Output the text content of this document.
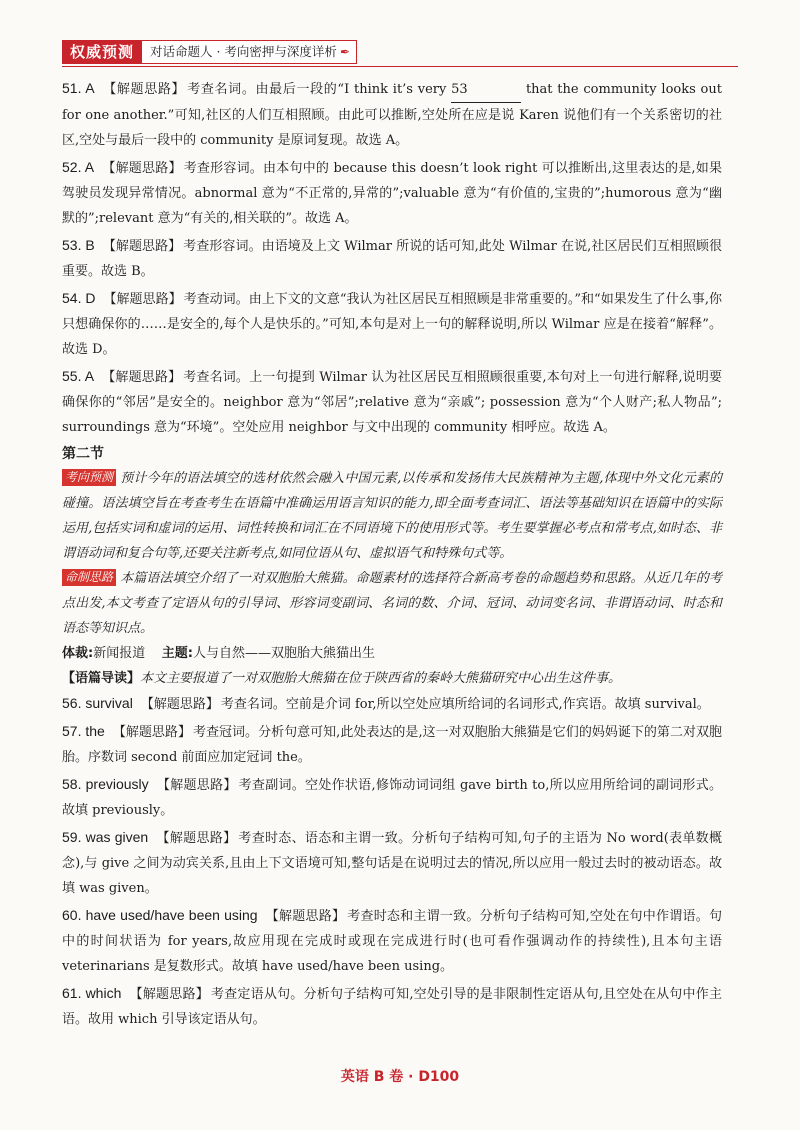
权威预测	对话命题人 · 考向密押与深度详析 ✒

51. A 【解题思路】 考查名词。由最后一段的“I think it’s very 53	that the community looks out for one another.”可知,社区的人们互相照顾。由此可以推断,空处所在应是说 Karen 说他们有一个关系密切的社区,空处与最后一段中的 community 是原词复现。故选 A。

52. A 【解题思路】 考查形容词。由本句中的 because this doesn’t look right 可以推断出,这里表达的是,如果驾驶员发现异常情况。abnormal 意为“不正常的,异常的”;valuable 意为“有价值的,宝贵的”;humorous 意为“幽默的”;relevant 意为“有关的,相关联的”。故选 A。

53. B 【解题思路】 考查形容词。由语境及上文 Wilmar 所说的话可知,此处 Wilmar 在说,社区居民们互相照顾很重要。故选 B。

54. D 【解题思路】 考查动词。由上下文的文意“我认为社区居民互相照顾是非常重要的。”和“如果发生了什么事,你只想确保你的……是安全的,每个人是快乐的。”可知,本句是对上一句的解释说明,所以 Wilmar 应是在接着“解释”。故选 D。

55. A 【解题思路】 考查名词。上一句提到 Wilmar 认为社区居民互相照顾很重要,本句对上一句进行解释,说明要确保你的“邻居”是安全的。neighbor 意为“邻居”;relative 意为“亲戚”; possession 意为“个人财产;私人物品”; surroundings 意为“环境”。空处应用 neighbor 与文中出现的 community 相呼应。故选 A。

第二节

考向预测 预计今年的语法填空的选材依然会融入中国元素,以传承和发扬伟大民族精神为主题,体现中外文化元素的碰撞。语法填空旨在考查考生在语篇中准确运用语言知识的能力,即全面考查词汇、语法等基础知识在语篇中的实际运用,包括实词和虚词的运用、词性转换和词汇在不同语境下的使用形式等。考生要掌握必考点和常考点,如时态、非谓语动词和复合句等,还要关注新考点,如同位语从句、虚拟语气和特殊句式等。

命制思路 本篇语法填空介绍了一对双胞胎大熊猫。命题素材的选择符合新高考卷的命题趋势和思路。从近几年的考点出发,本文考查了定语从句的引导词、形容词变副词、名词的数、介词、冠词、动词变名词、非谓语动词、时态和语态等知识点。

体裁:新闻报道 主题:人与自然——双胞胎大熊猫出生

【语篇导读】本文主要报道了一对双胞胎大熊猫在位于陕西省的秦岭大熊猫研究中心出生这件事。

56. survival 【解题思路】 考查名词。空前是介词 for,所以空处应填所给词的名词形式,作宾语。故填 survival。

57. the 【解题思路】 考查冠词。分析句意可知,此处表达的是,这一对双胞胎大熊猫是它们的妈妈诞下的第二对双胞胎。序数词 second 前面应加定冠词 the。

58. previously 【解题思路】 考查副词。空处作状语,修饰动词词组 gave birth to,所以应用所给词的副词形式。故填 previously。

59. was given 【解题思路】 考查时态、语态和主谓一致。分析句子结构可知,句子的主语为 No word(表单数概念),与 give 之间为动宾关系,且由上下文语境可知,整句话是在说明过去的情况,所以应用一般过去时的被动语态。故填 was given。

60. have used/have been using 【解题思路】 考查时态和主谓一致。分析句子结构可知,空处在句中作谓语。句中的时间状语为 for years,故应用现在完成时或现在完成进行时(也可看作强调动作的持续性),且本句主语 veterinarians 是复数形式。故填 have used/have been using。

61. which 【解题思路】 考查定语从句。分析句子结构可知,空处引导的是非限制性定语从句,且空处在从句中作主语。故用 which 引导该定语从句。

英语 B 卷 · D100
